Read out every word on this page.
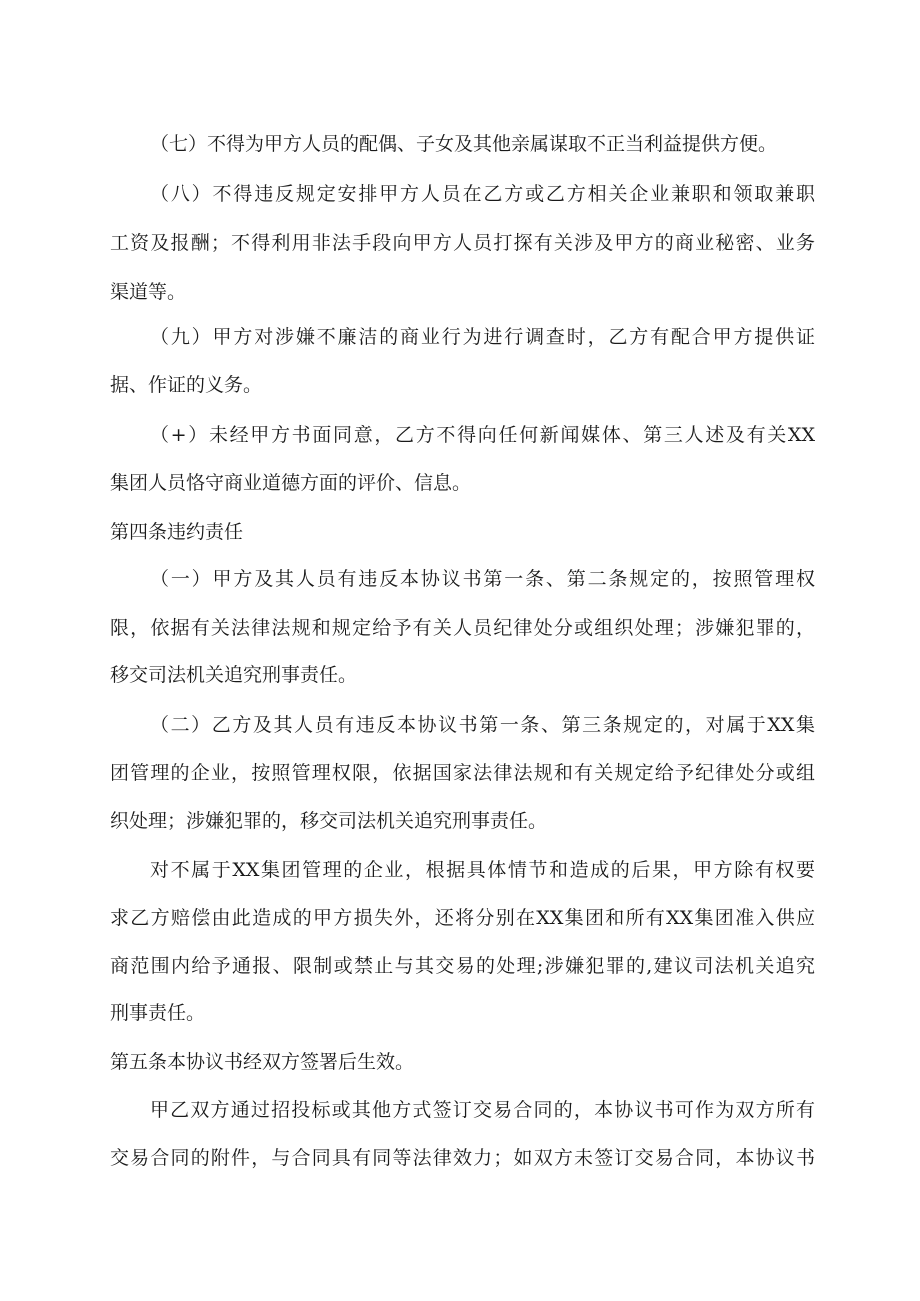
（七）不得为甲方人员的配偶、子女及其他亲属谋取不正当利益提供方便。
（八）不得违反规定安排甲方人员在乙方或乙方相关企业兼职和领取兼职
工资及报酬；不得利用非法手段向甲方人员打探有关涉及甲方的商业秘密、业务
渠道等。
（九）甲方对涉嫌不廉洁的商业行为进行调查时，乙方有配合甲方提供证
据、作证的义务。
（+）未经甲方书面同意，乙方不得向任何新闻媒体、第三人述及有关XX
集团人员恪守商业道德方面的评价、信息。
第四条违约责任
（一）甲方及其人员有违反本协议书第一条、第二条规定的，按照管理权
限，依据有关法律法规和规定给予有关人员纪律处分或组织处理；涉嫌犯罪的，
移交司法机关追究刑事责任。
（二）乙方及其人员有违反本协议书第一条、第三条规定的，对属于XX集
团管理的企业，按照管理权限，依据国家法律法规和有关规定给予纪律处分或组
织处理；涉嫌犯罪的，移交司法机关追究刑事责任。
对不属于XX集团管理的企业，根据具体情节和造成的后果，甲方除有权要
求乙方赔偿由此造成的甲方损失外，还将分别在XX集团和所有XX集团准入供应
商范围内给予通报、限制或禁止与其交易的处理;涉嫌犯罪的,建议司法机关追究
刑事责任。
第五条本协议书经双方签署后生效。
甲乙双方通过招投标或其他方式签订交易合同的，本协议书可作为双方所有
交易合同的附件，与合同具有同等法律效力；如双方未签订交易合同，本协议书
